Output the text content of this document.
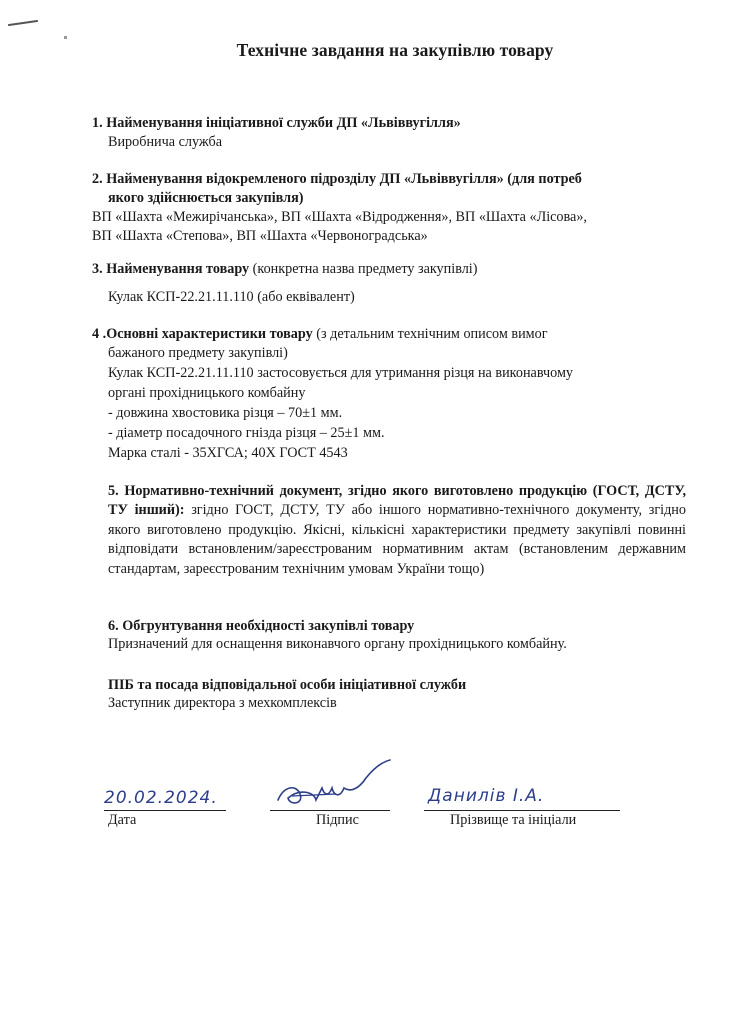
Технічне завдання на закупівлю товару
1. Найменування ініціативної служби ДП «Львіввугілля»
Виробнича служба
2. Найменування відокремленого підрозділу ДП «Львіввугілля» (для потреб
якого здійснюється закупівля)
ВП «Шахта «Межирічанська», ВП «Шахта «Відродження», ВП «Шахта «Лісова»,
ВП «Шахта «Степова», ВП «Шахта «Червоноградська»
3. Найменування товару (конкретна назва предмету закупівлі)
Кулак КСП-22.21.11.110 (або еквівалент)
4 .Основні характеристики товару (з детальним технічним описом вимог
бажаного предмету закупівлі)
Кулак КСП-22.21.11.110 застосовується для утримання різця на виконавчому
органі прохідницького комбайну
- довжина хвостовика різця – 70±1 мм.
- діаметр посадочного гнізда різця – 25±1 мм.
Марка сталі - 35ХГСА; 40Х ГОСТ 4543
5. Нормативно-технічний документ, згідно якого виготовлено продукцію (ГОСТ, ДСТУ, ТУ інший): згідно ГОСТ, ДСТУ, ТУ або іншого нормативно-технічного документу, згідно якого виготовлено продукцію. Якісні, кількісні характеристики предмету закупівлі повинні відповідати встановленим/зареєстрованим нормативним актам (встановленим державним стандартам, зареєстрованим технічним умовам України тощо)
6. Обгрунтування необхідності закупівлі товару
Призначений для оснащення виконавчого органу прохідницького комбайну.
ПІБ та посада відповідальної особи ініціативної служби
Заступник директора з мехкомплексів
20.02.2024.
Дата	Підпис
Данилів І.А.
Прізвище та ініціали
